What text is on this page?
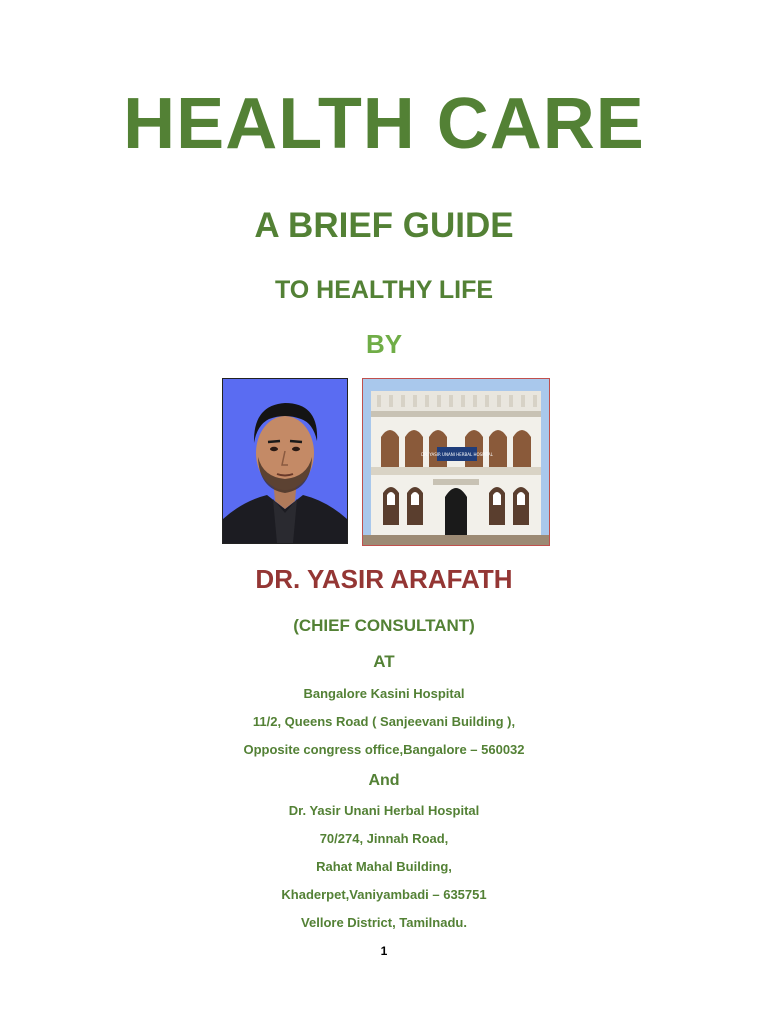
HEALTH CARE
A BRIEF GUIDE
TO HEALTHY LIFE
BY
DR. YASIR UNANI HERBAL HOSPITAL
DR. YASIR ARAFATH
(CHIEF CONSULTANT)
AT
Bangalore Kasini Hospital
11/2, Queens Road ( Sanjeevani Building ),
Opposite congress office,Bangalore – 560032
And
Dr. Yasir Unani Herbal Hospital
70/274, Jinnah Road,
Rahat Mahal Building,
Khaderpet,Vaniyambadi – 635751
Vellore District, Tamilnadu.
1
